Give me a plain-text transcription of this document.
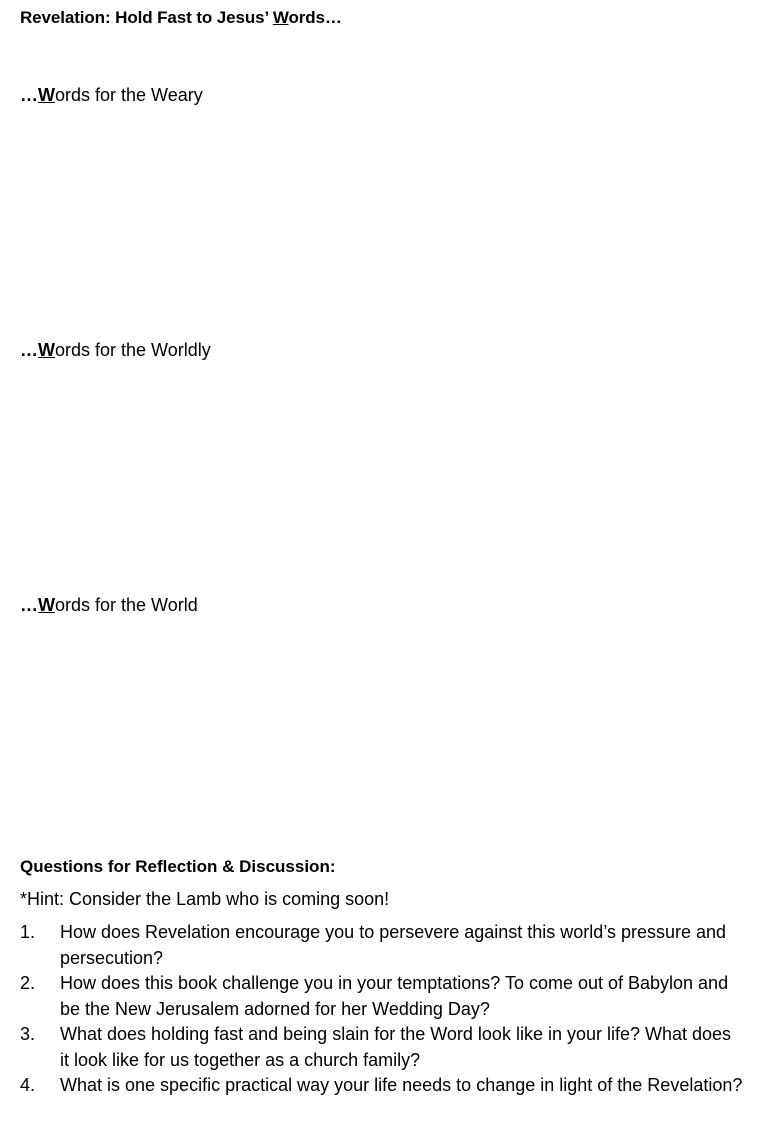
Revelation: Hold Fast to Jesus’ Words…
…Words for the Weary
…Words for the Worldly
…Words for the World
Questions for Reflection & Discussion:
*Hint: Consider the Lamb who is coming soon!
1.	How does Revelation encourage you to persevere against this world’s pressure and persecution?
2.	How does this book challenge you in your temptations? To come out of Babylon and be the New Jerusalem adorned for her Wedding Day?
3.	What does holding fast and being slain for the Word look like in your life? What does it look like for us together as a church family?
4.	What is one specific practical way your life needs to change in light of the Revelation?
